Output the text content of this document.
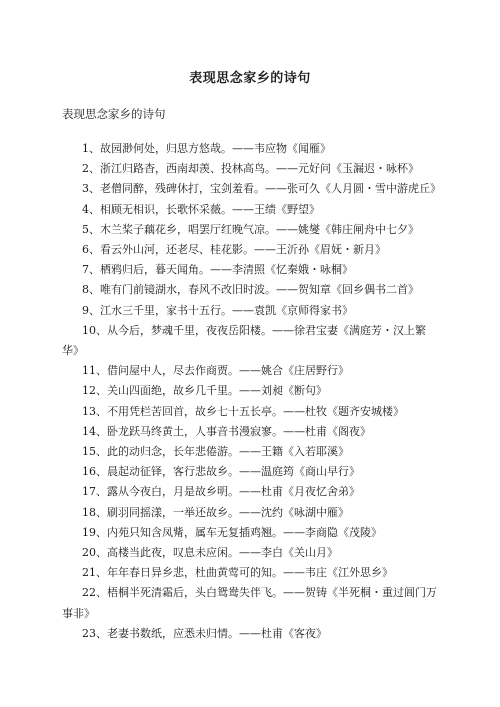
表现思念家乡的诗句
表现思念家乡的诗句
1、故园渺何处，归思方悠哉。——韦应物《闻雁》
2、浙江归路杳，西南却羡、投林高鸟。——元好问《玉漏迟・咏杯》
3、老僧同醉，残碑休打，宝剑羞看。——张可久《人月圆・雪中游虎丘》
4、相顾无相识，长歌怀采薇。——王绩《野望》
5、木兰桨子藕花乡，唱罢厅红晚气凉。——姚燮《韩庄闸舟中七夕》
6、看云外山河，还老尽、桂花影。——王沂孙《眉妩・新月》
7、栖鸦归后，暮天闻角。——李清照《忆秦娥・咏桐》
8、唯有门前镜湖水，春风不改旧时波。——贺知章《回乡偶书二首》
9、江水三千里，家书十五行。——袁凯《京师得家书》
10、从今后，梦魂千里，夜夜岳阳楼。——徐君宝妻《满庭芳・汉上繁华》
11、借问屋中人，尽去作商贾。——姚合《庄居野行》
12、关山四面绝，故乡几千里。——刘昶《断句》
13、不用凭栏苦回首，故乡七十五长亭。——杜牧《题齐安城楼》
14、卧龙跃马终黄土，人事音书漫寂寥。——杜甫《阁夜》
15、此的动归念，长年悲倦游。——王籍《入若耶溪》
16、晨起动征铎，客行悲故乡。——温庭筠《商山早行》
17、露从今夜白，月是故乡明。——杜甫《月夜忆舍弟》
18、刷羽同摇漾，一举还故乡。——沈约《咏湖中雁》
19、内苑只知含凤觜，属车无复插鸡翘。——李商隐《茂陵》
20、高楼当此夜，叹息未应闲。——李白《关山月》
21、年年春日异乡悲，杜曲黄莺可的知。——韦庄《江外思乡》
22、梧桐半死清霜后，头白鸳鸯失伴飞。——贺铸《半死桐・重过阊门万事非》
23、老妻书数纸，应悉未归情。——杜甫《客夜》
